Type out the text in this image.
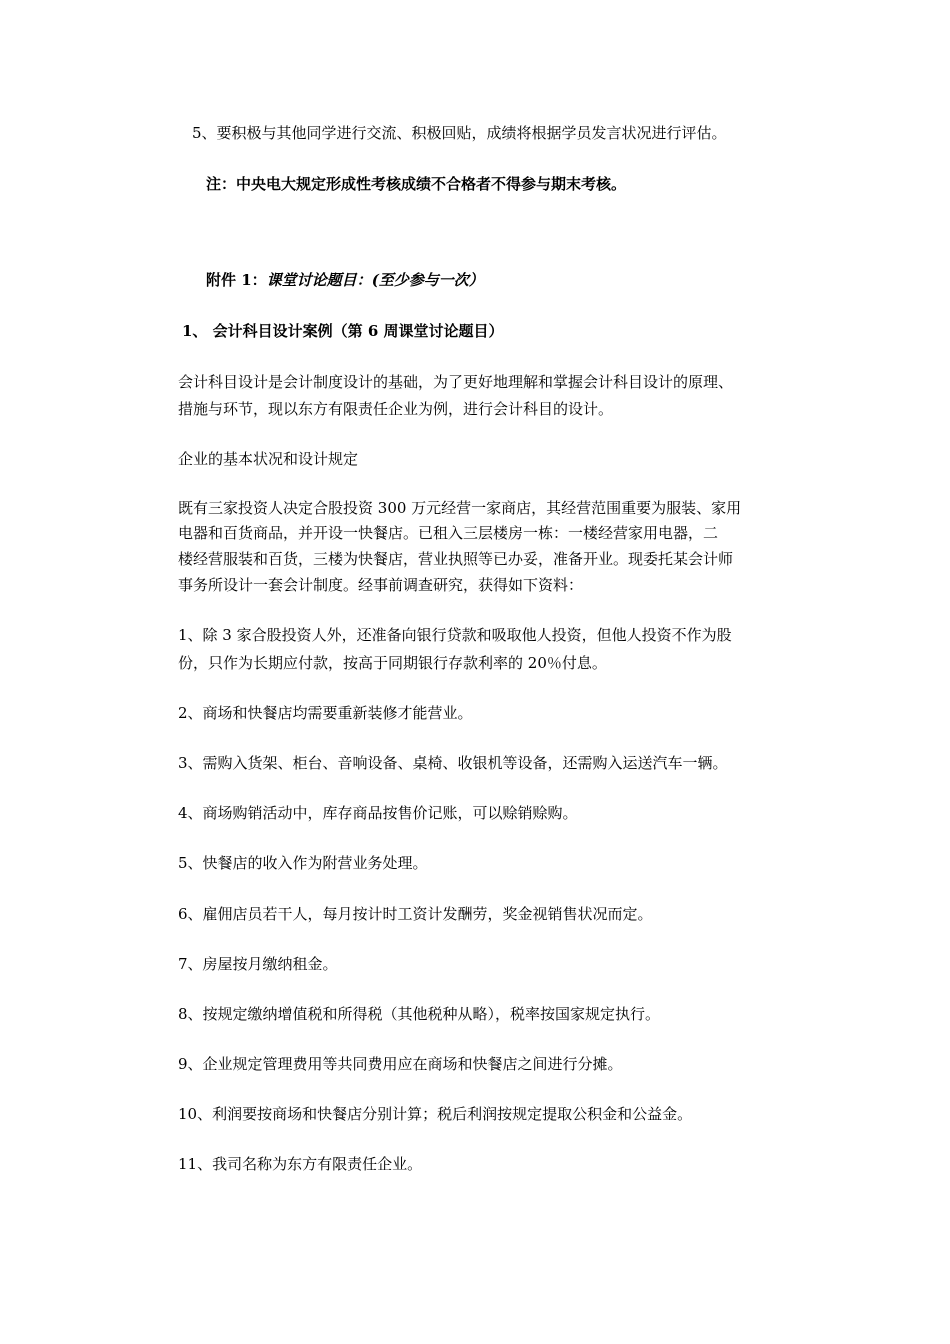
5、要积极与其他同学进行交流、积极回贴，成绩将根据学员发言状况进行评估。
注：中央电大规定形成性考核成绩不合格者不得参与期末考核。
附件 1：课堂讨论题目：(至少参与一次）
1、 会计科目设计案例（第 6 周课堂讨论题目）
会计科目设计是会计制度设计的基础，为了更好地理解和掌握会计科目设计的原理、
措施与环节，现以东方有限责任企业为例，进行会计科目的设计。
企业的基本状况和设计规定
既有三家投资人决定合股投资 300 万元经营一家商店，其经营范围重要为服装、家用
电器和百货商品，并开设一快餐店。已租入三层楼房一栋：一楼经营家用电器，二
楼经营服装和百货，三楼为快餐店，营业执照等已办妥，准备开业。现委托某会计师
事务所设计一套会计制度。经事前调查研究，获得如下资料：
1、除 3 家合股投资人外，还准备向银行贷款和吸取他人投资，但他人投资不作为股
份，只作为长期应付款，按高于同期银行存款利率的 20％付息。
2、商场和快餐店均需要重新装修才能营业。
3、需购入货架、柜台、音响设备、桌椅、收银机等设备，还需购入运送汽车一辆。
4、商场购销活动中，库存商品按售价记账，可以赊销赊购。
5、快餐店的收入作为附营业务处理。
6、雇佣店员若干人，每月按计时工资计发酬劳，奖金视销售状况而定。
7、房屋按月缴纳租金。
8、按规定缴纳增值税和所得税（其他税种从略），税率按国家规定执行。
9、企业规定管理费用等共同费用应在商场和快餐店之间进行分摊。
10、利润要按商场和快餐店分别计算；税后利润按规定提取公积金和公益金。
11、我司名称为东方有限责任企业。
